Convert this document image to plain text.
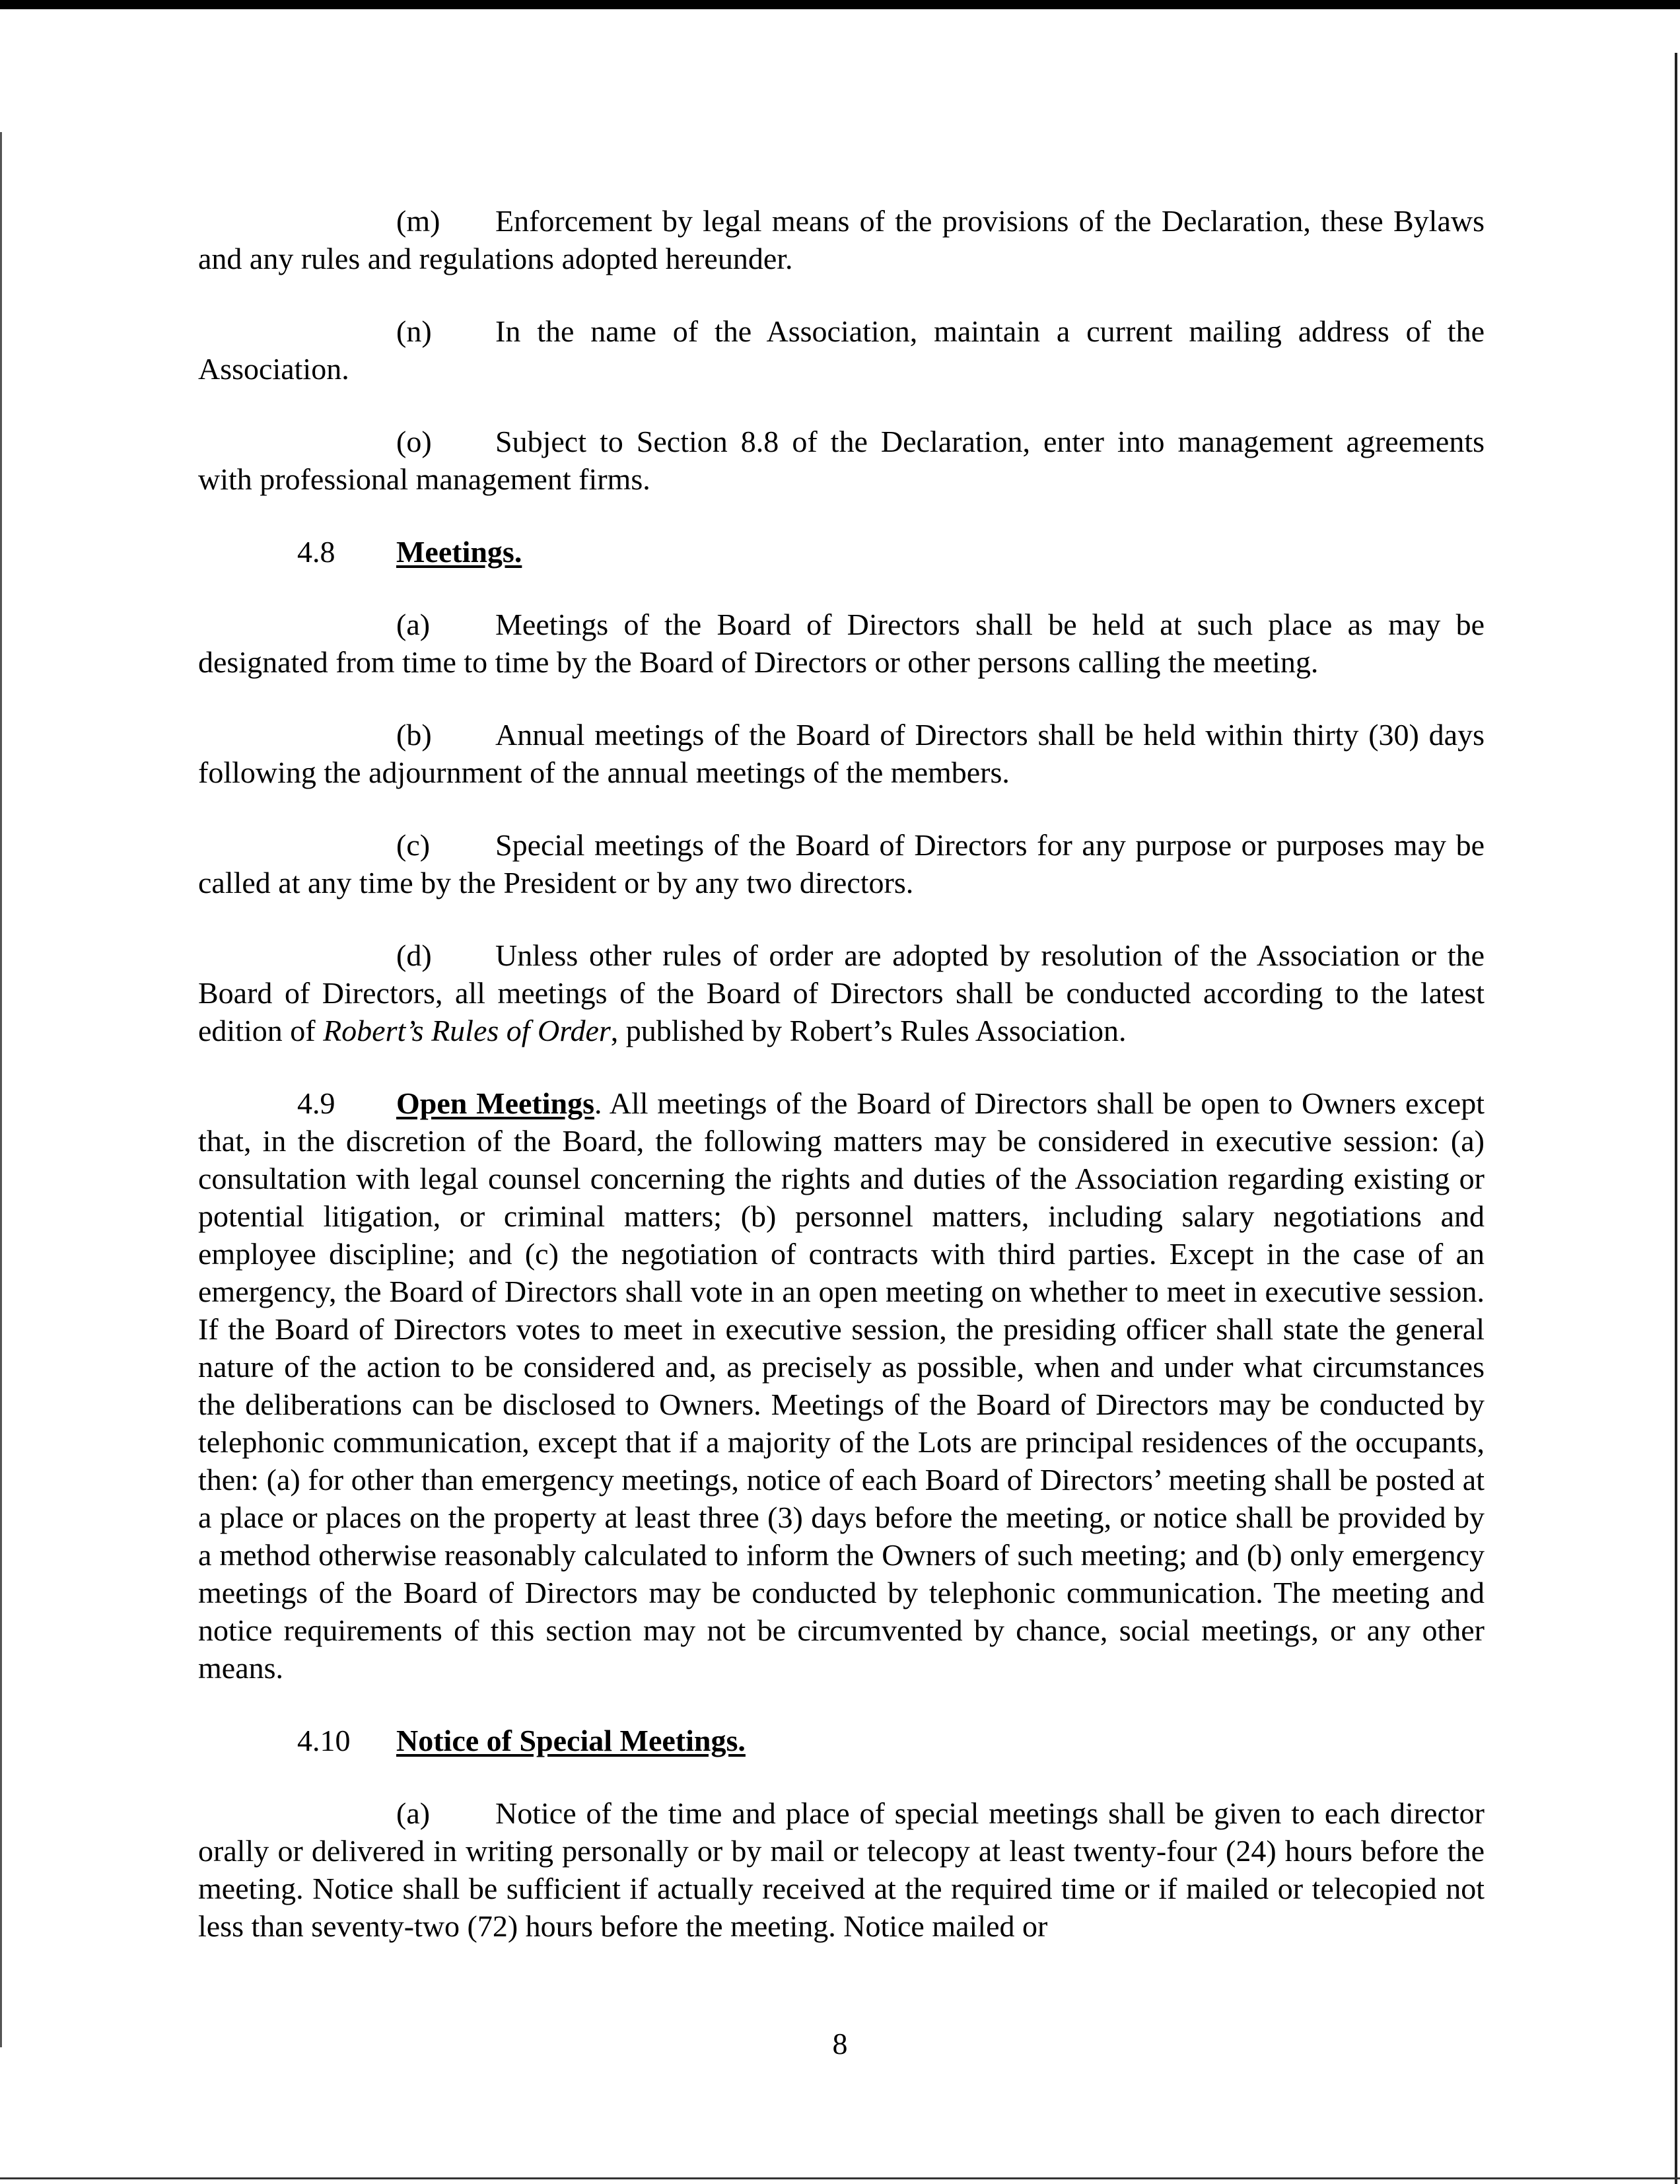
(m) Enforcement by legal means of the provisions of the Declaration, these Bylaws and any rules and regulations adopted hereunder.

(n) In the name of the Association, maintain a current mailing address of the Association.

(o) Subject to Section 8.8 of the Declaration, enter into management agreements with professional management firms.

4.8 Meetings.

(a) Meetings of the Board of Directors shall be held at such place as may be designated from time to time by the Board of Directors or other persons calling the meeting.

(b) Annual meetings of the Board of Directors shall be held within thirty (30) days following the adjournment of the annual meetings of the members.

(c) Special meetings of the Board of Directors for any purpose or purposes may be called at any time by the President or by any two directors.

(d) Unless other rules of order are adopted by resolution of the Association or the Board of Directors, all meetings of the Board of Directors shall be conducted according to the latest edition of Robert’s Rules of Order, published by Robert’s Rules Association.

4.9 Open Meetings. All meetings of the Board of Directors shall be open to Owners except that, in the discretion of the Board, the following matters may be considered in executive session: (a) consultation with legal counsel concerning the rights and duties of the Association regarding existing or potential litigation, or criminal matters; (b) personnel matters, including salary negotiations and employee discipline; and (c) the negotiation of contracts with third parties. Except in the case of an emergency, the Board of Directors shall vote in an open meeting on whether to meet in executive session. If the Board of Directors votes to meet in executive session, the presiding officer shall state the general nature of the action to be considered and, as precisely as possible, when and under what circumstances the deliberations can be disclosed to Owners. Meetings of the Board of Directors may be conducted by telephonic communication, except that if a majority of the Lots are principal residences of the occupants, then: (a) for other than emergency meetings, notice of each Board of Directors’ meeting shall be posted at a place or places on the property at least three (3) days before the meeting, or notice shall be provided by a method otherwise reasonably calculated to inform the Owners of such meeting; and (b) only emergency meetings of the Board of Directors may be conducted by telephonic communication. The meeting and notice requirements of this section may not be circumvented by chance, social meetings, or any other means.

4.10 Notice of Special Meetings.

(a) Notice of the time and place of special meetings shall be given to each director orally or delivered in writing personally or by mail or telecopy at least twenty-four (24) hours before the meeting. Notice shall be sufficient if actually received at the required time or if mailed or telecopied not less than seventy-two (72) hours before the meeting. Notice mailed or

8
